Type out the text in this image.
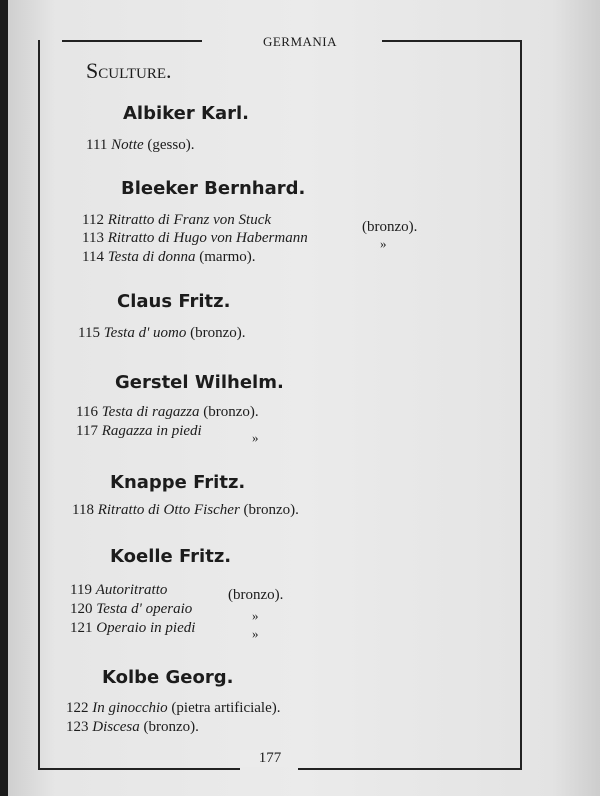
GERMANIA
Sculture.
Albiker Karl.
Bleeker Bernhard.
Claus Fritz.
Gerstel Wilhelm.
Knappe Fritz.
Koelle Fritz.
Kolbe Georg.
111 Notte (gesso).
112 Ritratto di Franz von Stuck	(bronzo).
113 Ritratto di Hugo von Habermann	»
114 Testa di donna (marmo).
115 Testa d' uomo (bronzo).
116 Testa di ragazza (bronzo).
117 Ragazza in piedi	»
118 Ritratto di Otto Fischer (bronzo).
119 Autoritratto	(bronzo).
120 Testa d' operaio	»
121 Operaio in piedi	»
122 In ginocchio (pietra artificiale).
123 Discesa (bronzo).
177
